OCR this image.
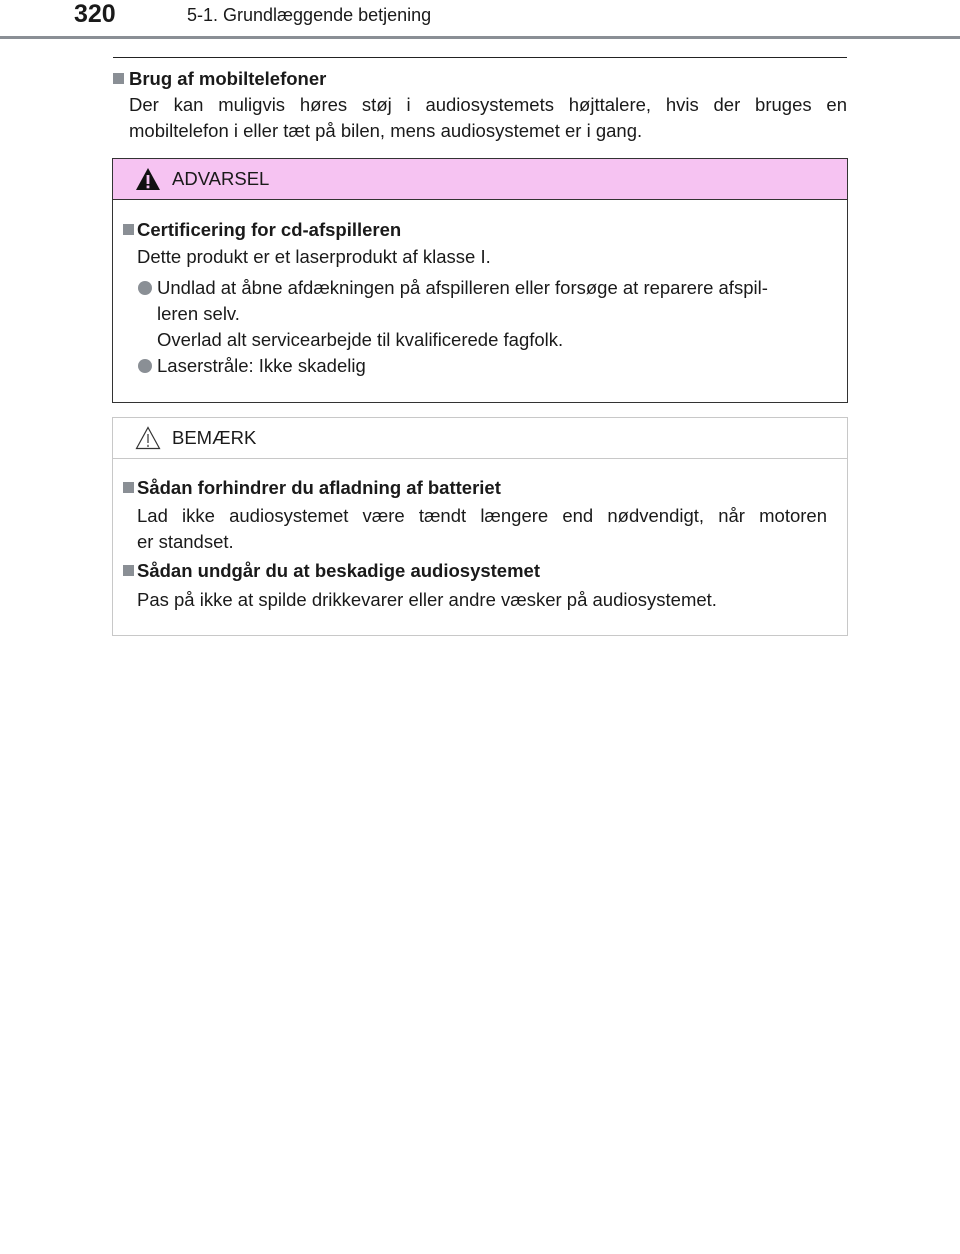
320	5-1. Grundlæggende betjening
Brug af mobiltelefoner
Der kan muligvis høres støj i audiosystemets højttalere, hvis der bruges en
mobiltelefon i eller tæt på bilen, mens audiosystemet er i gang.
ADVARSEL
Certificering for cd-afspilleren
Dette produkt er et laserprodukt af klasse I.
Undlad at åbne afdækningen på afspilleren eller forsøge at reparere afspil-
leren selv.
Overlad alt servicearbejde til kvalificerede fagfolk.
Laserstråle: Ikke skadelig
BEMÆRK
Sådan forhindrer du afladning af batteriet
Lad ikke audiosystemet være tændt længere end nødvendigt, når motoren
er standset.
Sådan undgår du at beskadige audiosystemet
Pas på ikke at spilde drikkevarer eller andre væsker på audiosystemet.
